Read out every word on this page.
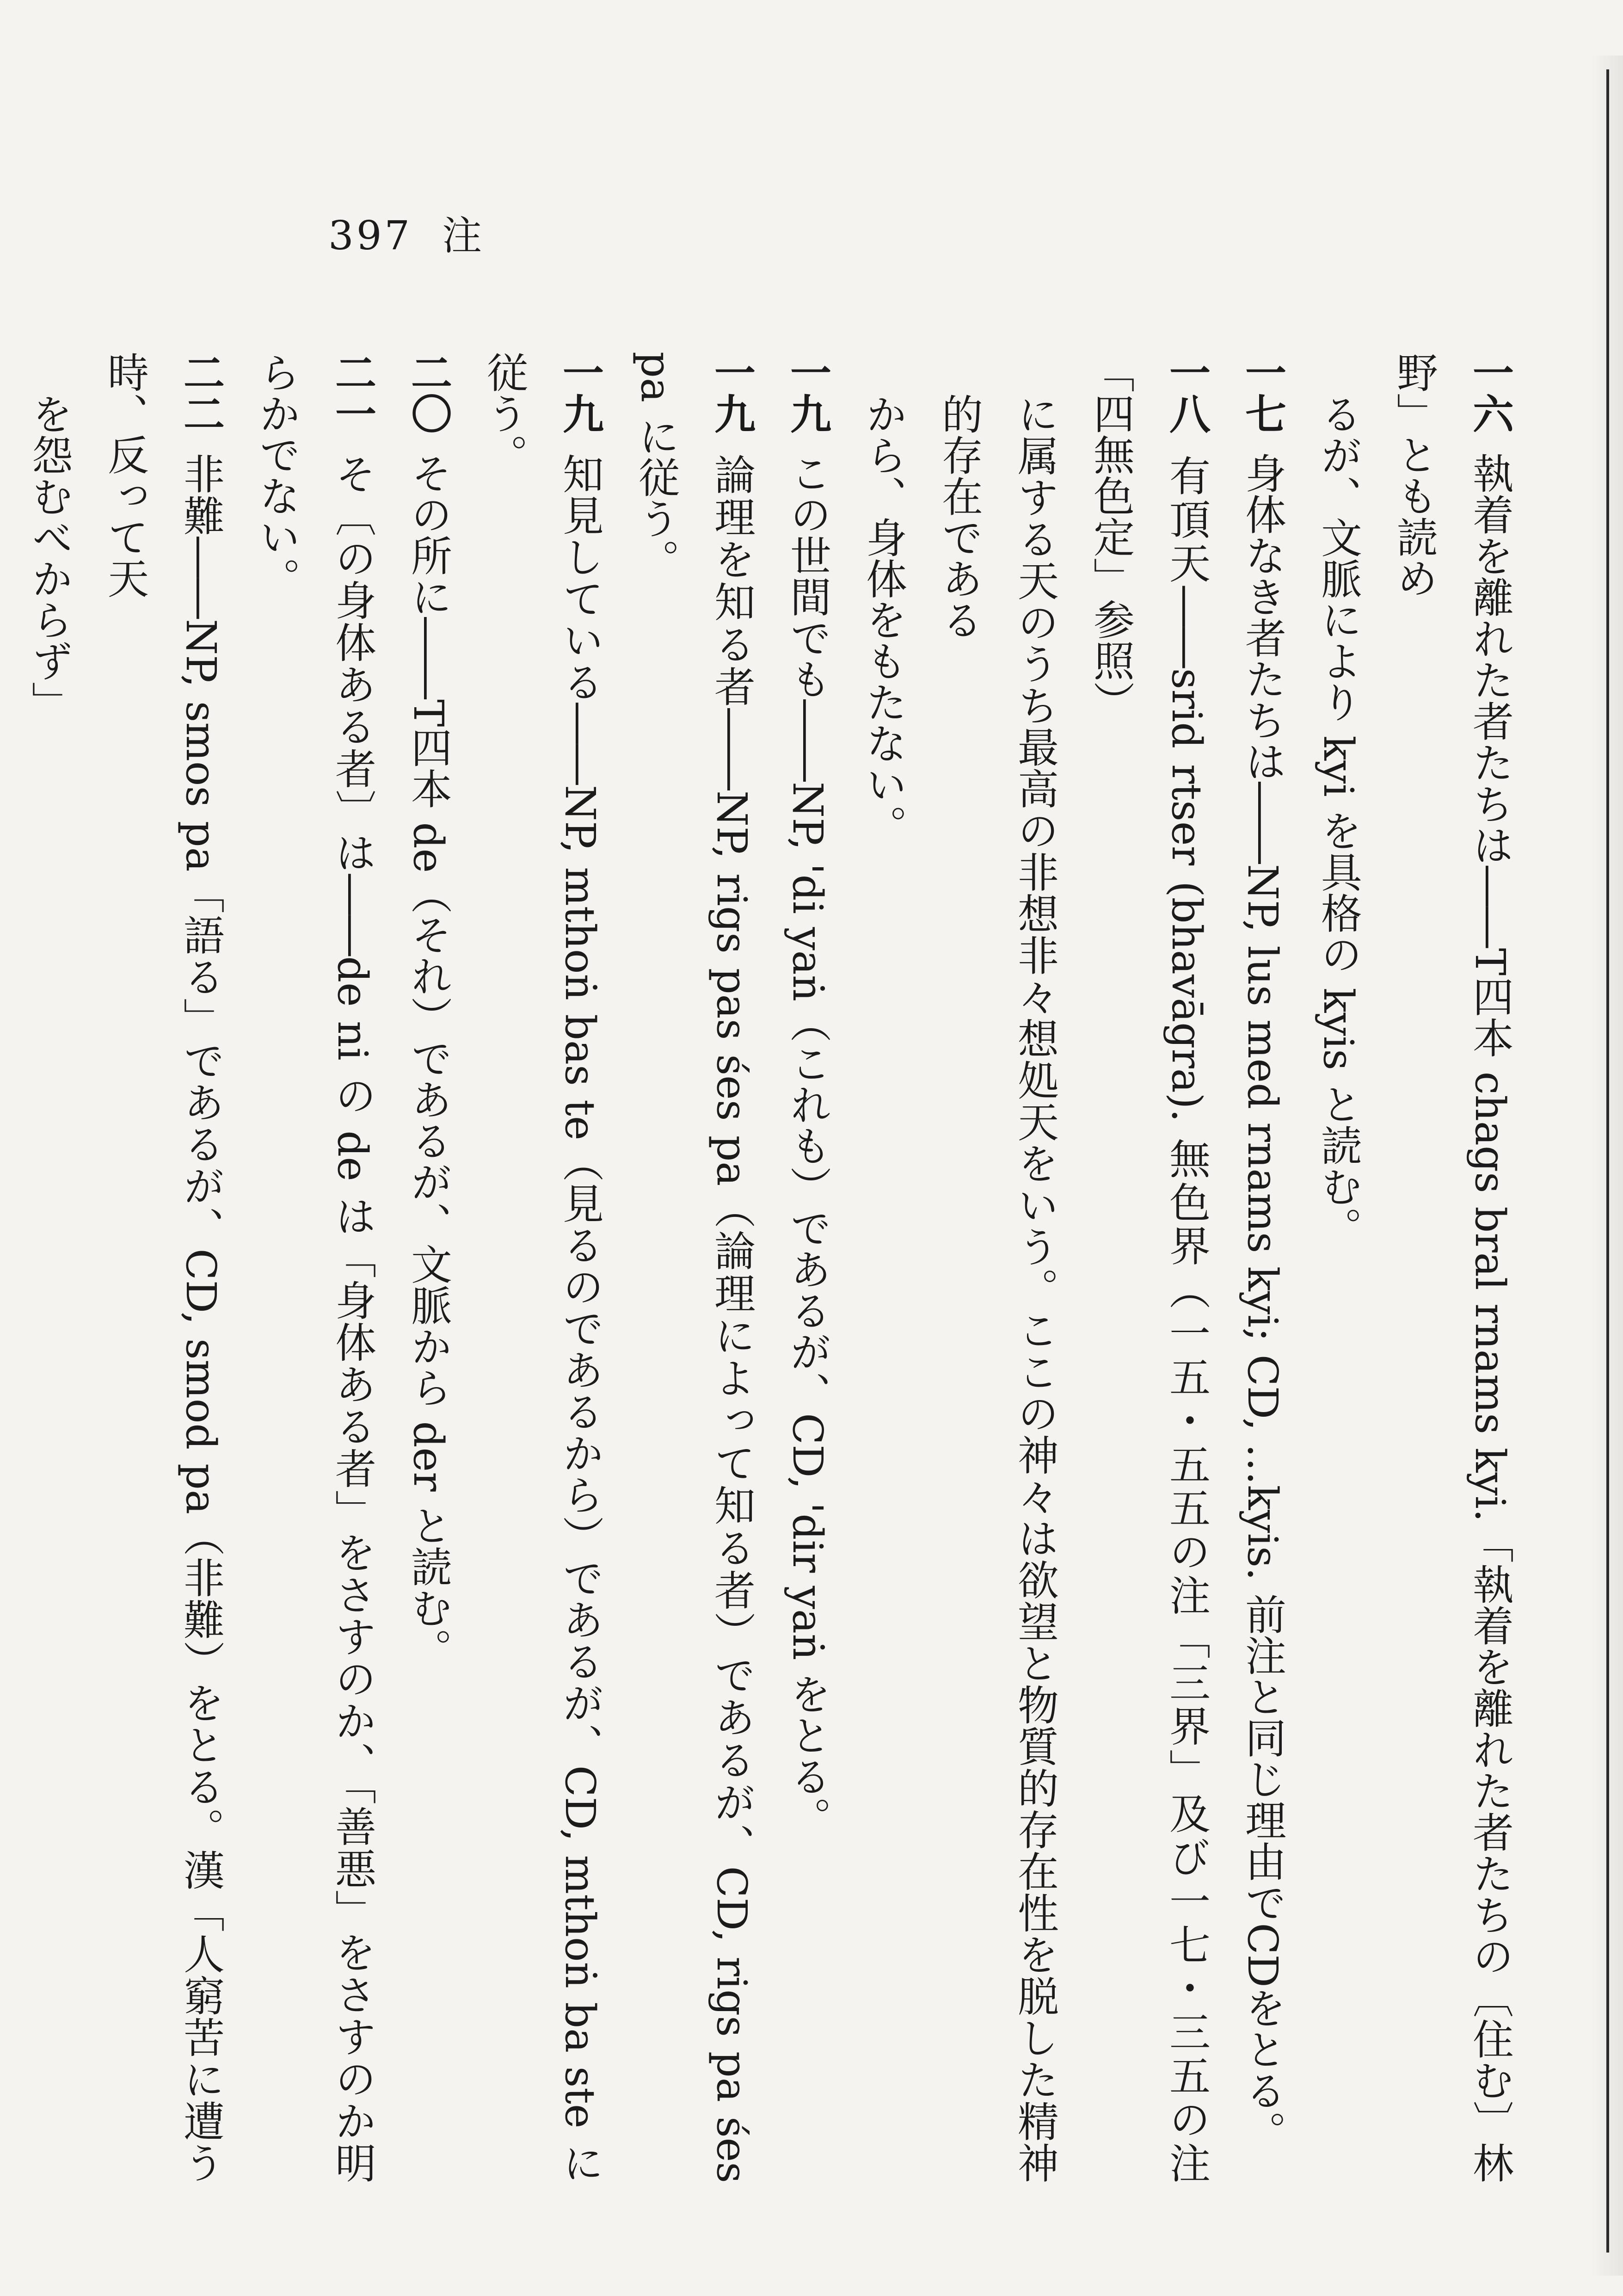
397 注
一六執着を離れた者たちは――T四本 chags bral rnams kyi.「執着を離れた者たちの〔住む〕林野」とも読め
るが、文脈により kyi を具格の kyis と読む。
一七身体なき者たちは――NP, lus med rnams kyi; CD, …kyis. 前注と同じ理由でCDをとる。
一八有頂天――srid rtser (bhavāgra). 無色界（一五・五五の注「三界」及び一七・三五の注「四無色定」参照）
に属する天のうち最高の非想非々想処天をいう。ここの神々は欲望と物質的存在性を脱した精神的存在である
から、身体をもたない。
一九この世間でも――NP, 'di yaṅ（これも）であるが、CD, 'dir yaṅ をとる。
一九論理を知る者――NP, rigs pas śes pa（論理によって知る者）であるが、CD, rigs pa śes pa に従う。
一九知見している――NP, mthoṅ bas te（見るのであるから）であるが、CD, mthoṅ ba ste に従う。
二〇その所に――T四本 de（それ）であるが、文脈から der と読む。
二一そ〔の身体ある者〕は――de ni の de は「身体ある者」をさすのか、「善悪」をさすのか明らかでない。
二二非難――NP, smos pa「語る」であるが、CD, smod pa（非難）をとる。漢「人窮苦に遭う時、反って天
を怨むべからず」
